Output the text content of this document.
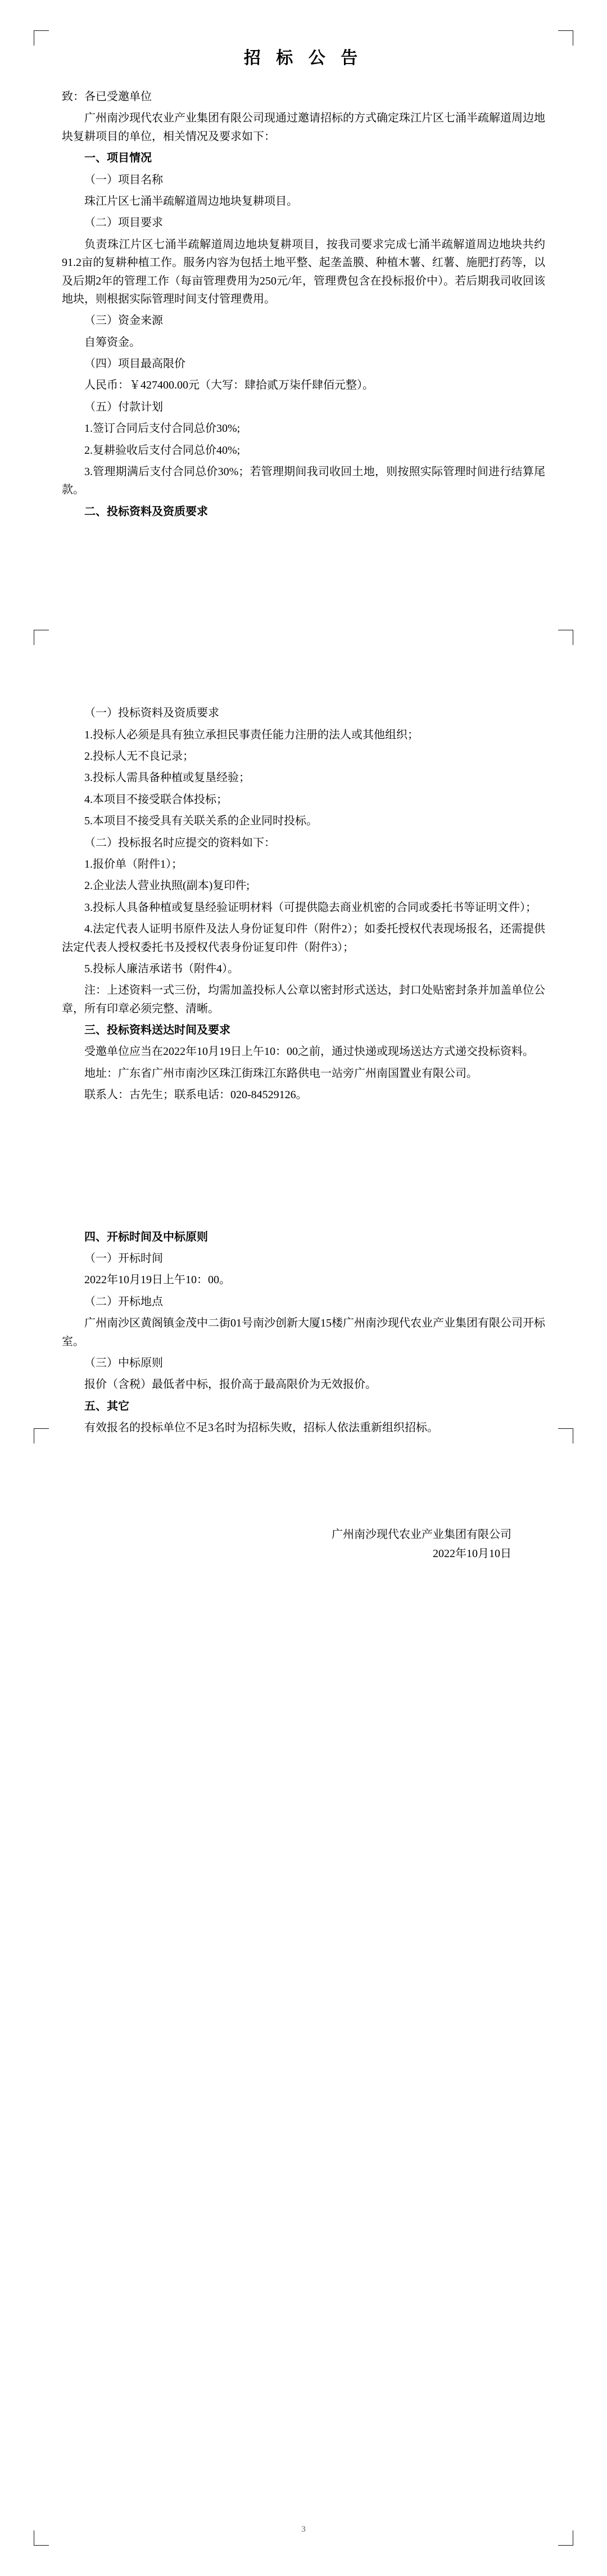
招 标 公 告

致：各已受邀单位

广州南沙现代农业产业集团有限公司现通过邀请招标的方式确定珠江片区七涌半疏解道周边地块复耕项目的单位，相关情况及要求如下：

一、项目情况

（一）项目名称

珠江片区七涌半疏解道周边地块复耕项目。

（二）项目要求

负责珠江片区七涌半疏解道周边地块复耕项目，按我司要求完成七涌半疏解道周边地块共约91.2亩的复耕种植工作。服务内容为包括土地平整、起垄盖膜、种植木薯、红薯、施肥打药等，以及后期2年的管理工作（每亩管理费用为250元/年，管理费包含在投标报价中）。若后期我司收回该地块，则根据实际管理时间支付管理费用。

（三）资金来源

自筹资金。

（四）项目最高限价

人民币：￥427400.00元（大写：肆拾贰万柒仟肆佰元整）。

（五）付款计划

1.签订合同后支付合同总价30%;

2.复耕验收后支付合同总价40%;

3.管理期满后支付合同总价30%；若管理期间我司收回土地，则按照实际管理时间进行结算尾款。

二、投标资料及资质要求

（一）投标资料及资质要求

1.投标人必须是具有独立承担民事责任能力注册的法人或其他组织；

2.投标人无不良记录；

3.投标人需具备种植或复垦经验；

4.本项目不接受联合体投标；

5.本项目不接受具有关联关系的企业同时投标。

（二）投标报名时应提交的资料如下：

1.报价单（附件1）；

2.企业法人营业执照(副本)复印件;

3.投标人具备种植或复垦经验证明材料（可提供隐去商业机密的合同或委托书等证明文件）；

4.法定代表人证明书原件及法人身份证复印件（附件2）；如委托授权代表现场报名，还需提供法定代表人授权委托书及授权代表身份证复印件（附件3）；

5.投标人廉洁承诺书（附件4）。

注：上述资料一式三份，均需加盖投标人公章以密封形式送达，封口处贴密封条并加盖单位公章，所有印章必须完整、清晰。

三、投标资料送达时间及要求

受邀单位应当在2022年10月19日上午10：00之前，通过快递或现场送达方式递交投标资料。

地址：广东省广州市南沙区珠江街珠江东路供电一站旁广州南国置业有限公司。

联系人：古先生；联系电话：020-84529126。

四、开标时间及中标原则

（一）开标时间

2022年10月19日上午10：00。

（二）开标地点

广州南沙区黄阁镇金茂中二街01号南沙创新大厦15楼广州南沙现代农业产业集团有限公司开标室。

（三）中标原则

报价（含税）最低者中标，报价高于最高限价为无效报价。

五、其它

有效报名的投标单位不足3名时为招标失败，招标人依法重新组织招标。

广州南沙现代农业产业集团有限公司

2022年10月10日

3
